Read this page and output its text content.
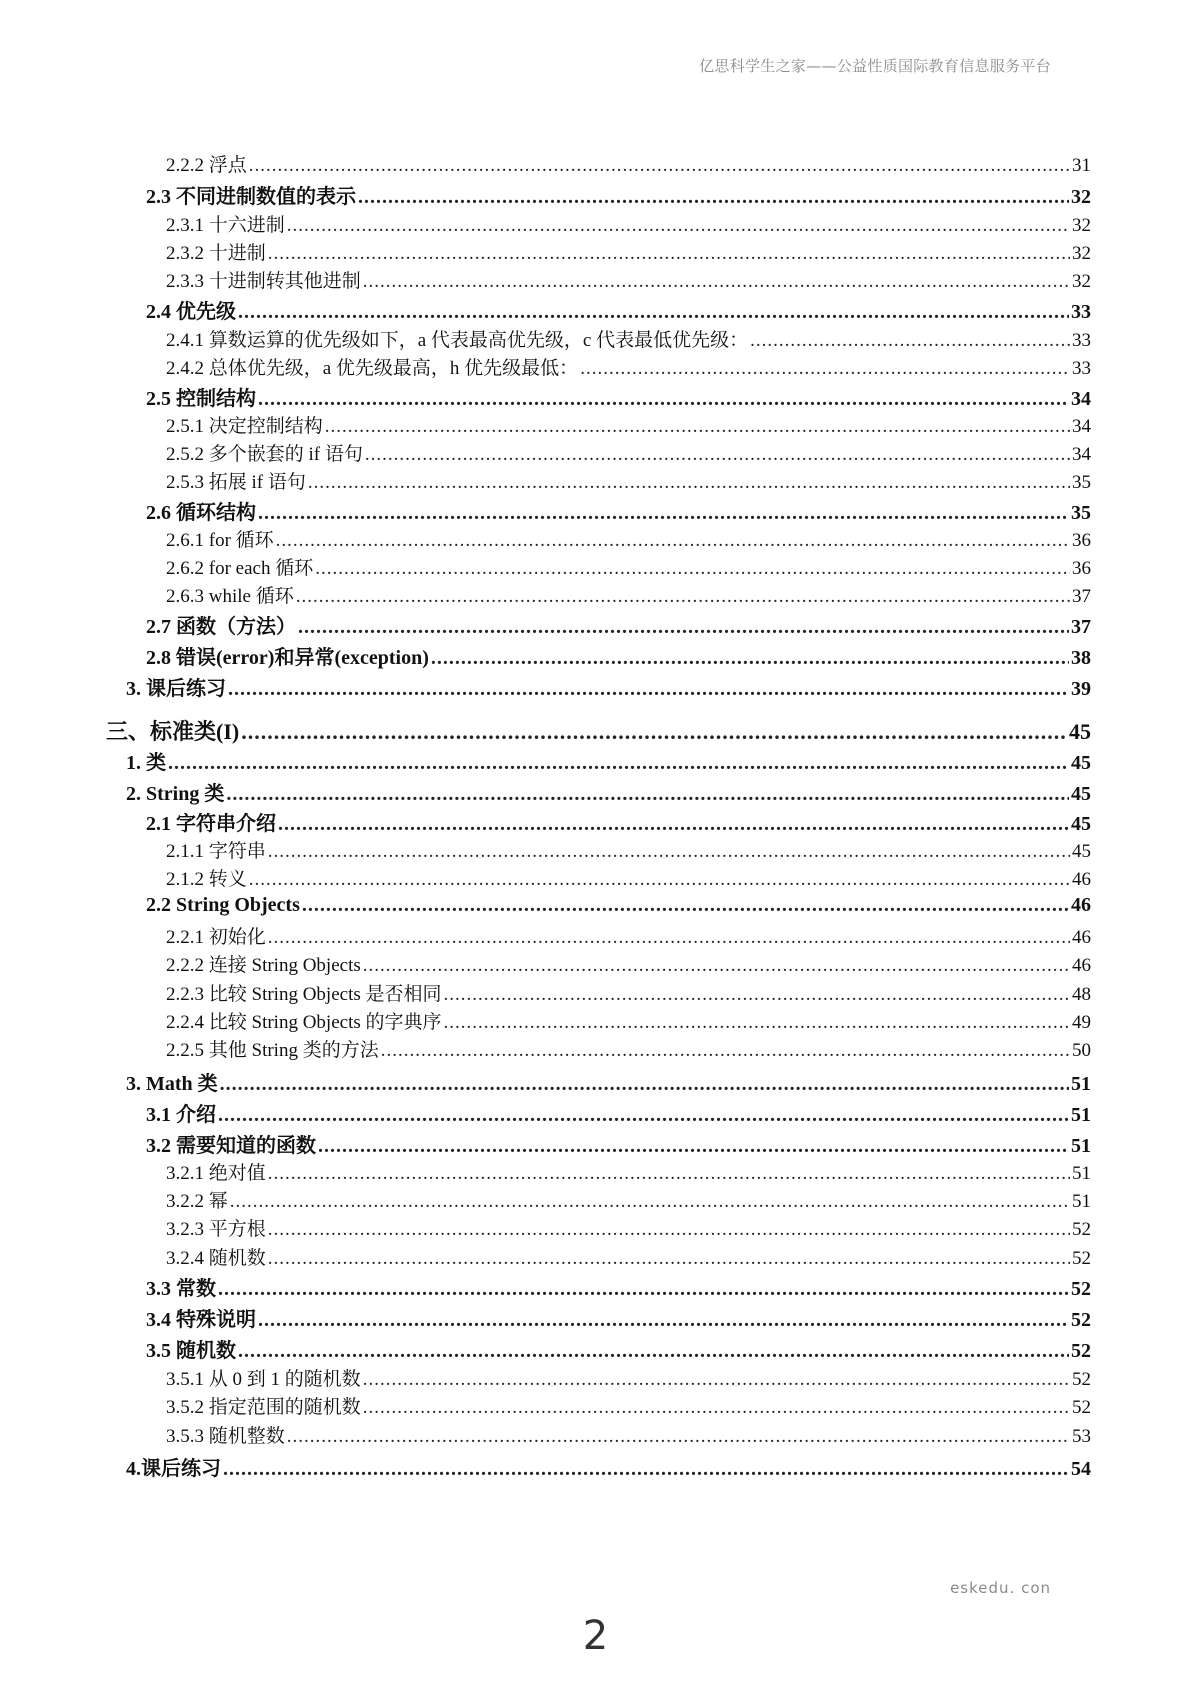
亿思科学生之家——公益性质国际教育信息服务平台
2.2.2 浮点 .....	31
2.3 不同进制数值的表示 .....	32
2.3.1 十六进制 .....	32
2.3.2 十进制 .....	32
2.3.3 十进制转其他进制 .....	32
2.4 优先级 .....	33
2.4.1 算数运算的优先级如下，a 代表最高优先级，c 代表最低优先级： .....	33
2.4.2 总体优先级，a 优先级最高，h 优先级最低： .....	33
2.5 控制结构 .....	34
2.5.1 决定控制结构 .....	34
2.5.2 多个嵌套的 if 语句 .....	34
2.5.3 拓展 if 语句 .....	35
2.6 循环结构 .....	35
2.6.1 for 循环 .....	36
2.6.2 for each 循环 .....	36
2.6.3 while 循环 .....	37
2.7 函数（方法） .....	37
2.8 错误(error)和异常(exception) .....	38
3. 课后练习 .....	39
三、标准类(I) .....	45
1. 类 .....	45
2. String 类 .....	45
2.1 字符串介绍 .....	45
2.1.1 字符串 .....	45
2.1.2 转义 .....	46
2.2 String Objects .....	46
2.2.1 初始化 .....	46
2.2.2 连接 String Objects .....	46
2.2.3 比较 String Objects 是否相同 .....	48
2.2.4 比较 String Objects 的字典序 .....	49
2.2.5 其他 String 类的方法 .....	50
3. Math 类 .....	51
3.1 介绍 .....	51
3.2 需要知道的函数 .....	51
3.2.1 绝对值 .....	51
3.2.2 幂 .....	51
3.2.3 平方根 .....	52
3.2.4 随机数 .....	52
3.3 常数 .....	52
3.4 特殊说明 .....	52
3.5 随机数 .....	52
3.5.1 从 0 到 1 的随机数 .....	52
3.5.2 指定范围的随机数 .....	52
3.5.3 随机整数 .....	53
4.课后练习 .....	54
eskedu. con
2
